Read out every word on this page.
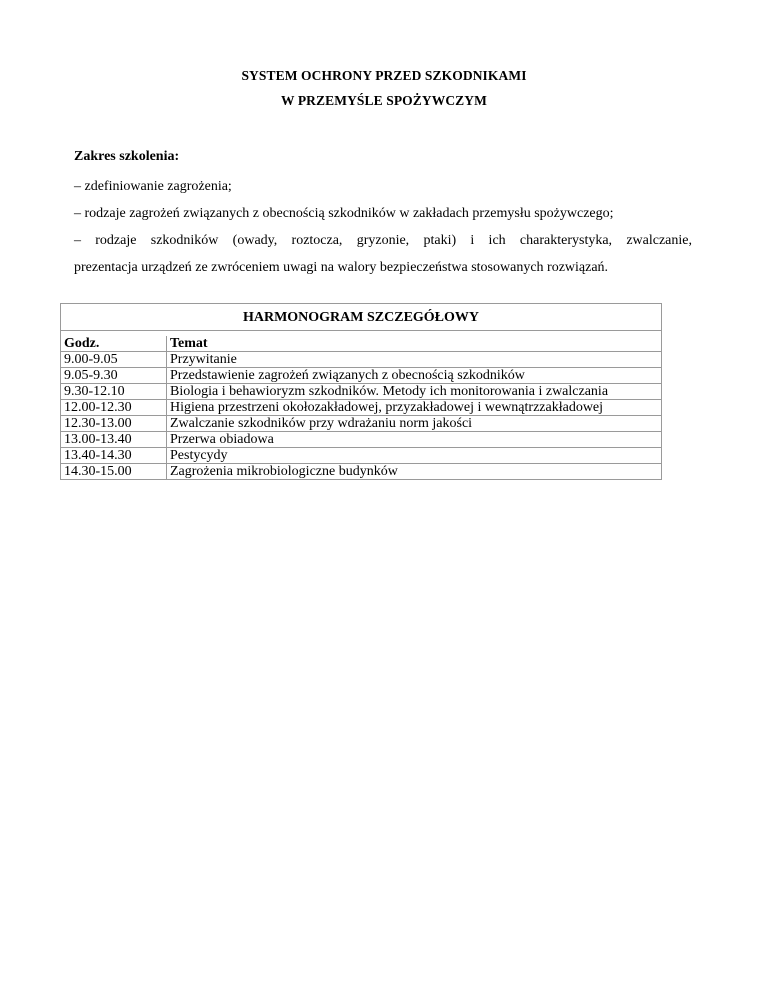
SYSTEM OCHRONY PRZED SZKODNIKAMI
W PRZEMYŚLE SPOŻYWCZYM
Zakres szkolenia:
– zdefiniowanie zagrożenia;
– rodzaje zagrożeń związanych z obecnością szkodników w zakładach przemysłu spożywczego;
– rodzaje szkodników (owady, roztocza, gryzonie, ptaki) i ich charakterystyka, zwalczanie,
prezentacja urządzeń ze zwróceniem uwagi na walory bezpieczeństwa stosowanych rozwiązań.
HARMONOGRAM SZCZEGÓŁOWY	

Godz.	Temat
9.00-9.05	Przywitanie
9.05-9.30	Przedstawienie zagrożeń związanych z obecnością szkodników
9.30-12.10	Biologia i behawioryzm szkodników. Metody ich monitorowania i zwalczania
12.00-12.30	Higiena przestrzeni okołozakładowej, przyzakładowej i wewnątrzzakładowej
12.30-13.00	Zwalczanie szkodników przy wdrażaniu norm jakości
13.00-13.40	Przerwa obiadowa
13.40-14.30	Pestycydy
14.30-15.00	Zagrożenia mikrobiologiczne budynków
